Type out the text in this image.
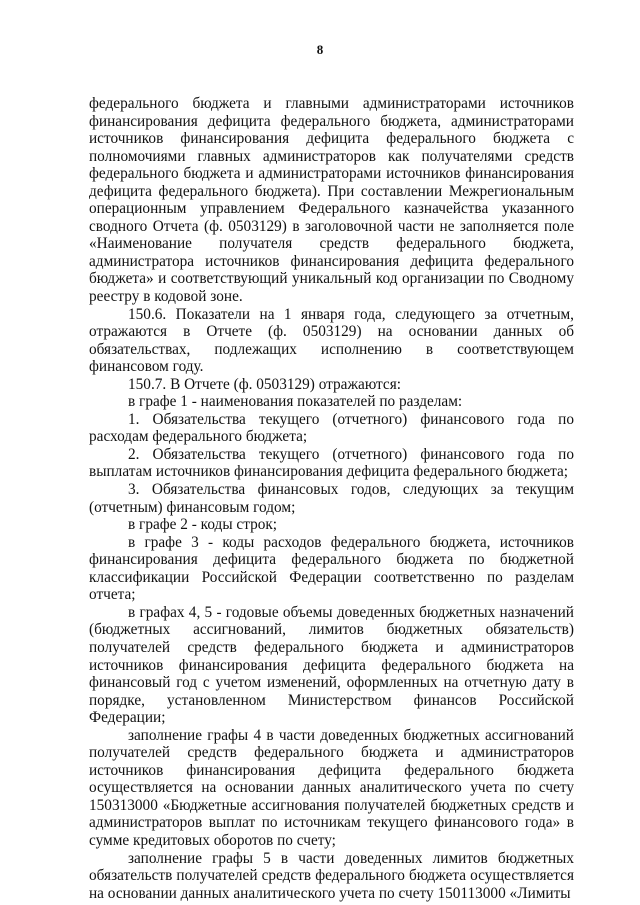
8

федерального бюджета и главными администраторами источников финансирования дефицита федерального бюджета, администраторами источников финансирования дефицита федерального бюджета с полномочиями главных администраторов как получателями средств федерального бюджета и администраторами источников финансирования дефицита федерального бюджета). При составлении Межрегиональным операционным управлением Федерального казначейства указанного сводного Отчета (ф. 0503129) в заголовочной части не заполняется поле «Наименование получателя средств федерального бюджета, администратора источников финансирования дефицита федерального бюджета» и соответствующий уникальный код организации по Сводному реестру в кодовой зоне.

150.6. Показатели на 1 января года, следующего за отчетным, отражаются в Отчете (ф. 0503129) на основании данных об обязательствах, подлежащих исполнению в соответствующем финансовом году.

150.7. В Отчете (ф. 0503129) отражаются:

в графе 1 - наименования показателей по разделам:

1. Обязательства текущего (отчетного) финансового года по расходам федерального бюджета;

2. Обязательства текущего (отчетного) финансового года по выплатам источников финансирования дефицита федерального бюджета;

3. Обязательства финансовых годов, следующих за текущим (отчетным) финансовым годом;

в графе 2 - коды строк;

в графе 3 - коды расходов федерального бюджета, источников финансирования дефицита федерального бюджета по бюджетной классификации Российской Федерации соответственно по разделам отчета;

в графах 4, 5 - годовые объемы доведенных бюджетных назначений (бюджетных ассигнований, лимитов бюджетных обязательств) получателей средств федерального бюджета и администраторов источников финансирования дефицита федерального бюджета на финансовый год с учетом изменений, оформленных на отчетную дату в порядке, установленном Министерством финансов Российской Федерации;

заполнение графы 4 в части доведенных бюджетных ассигнований получателей средств федерального бюджета и администраторов источников финансирования дефицита федерального бюджета осуществляется на основании данных аналитического учета по счету 150313000 «Бюджетные ассигнования получателей бюджетных средств и администраторов выплат по источникам текущего финансового года» в сумме кредитовых оборотов по счету;

заполнение графы 5 в части доведенных лимитов бюджетных обязательств получателей средств федерального бюджета осуществляется на основании данных аналитического учета по счету 150113000 «Лимиты
